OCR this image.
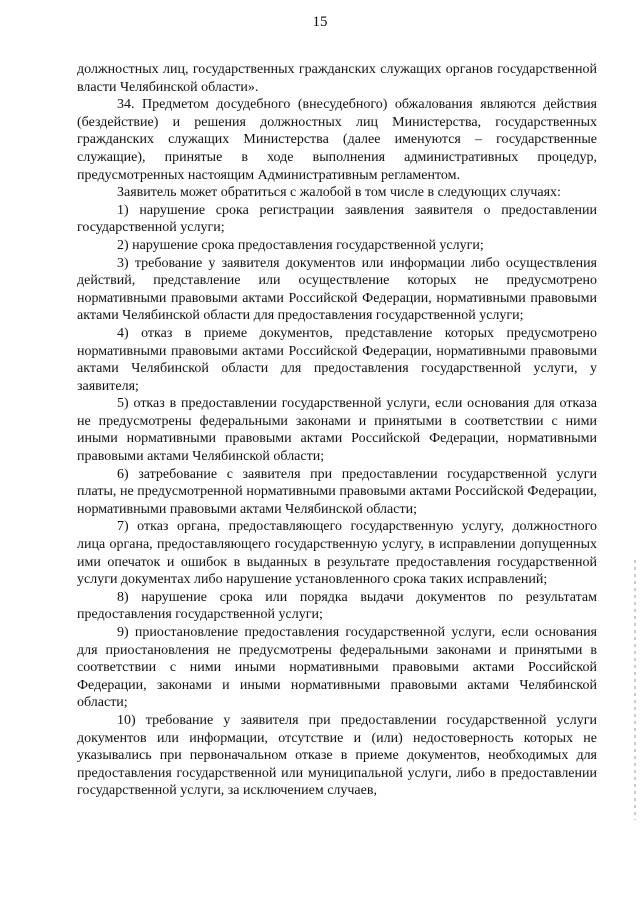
15

должностных лиц, государственных гражданских служащих органов государственной власти Челябинской области».

34. Предметом досудебного (внесудебного) обжалования являются действия (бездействие) и решения должностных лиц Министерства, государственных гражданских служащих Министерства (далее именуются – государственные служащие), принятые в ходе выполнения административных процедур, предусмотренных настоящим Административным регламентом.

Заявитель может обратиться с жалобой в том числе в следующих случаях:

1) нарушение срока регистрации заявления заявителя о предоставлении государственной услуги;

2) нарушение срока предоставления государственной услуги;

3) требование у заявителя документов или информации либо осуществления действий, представление или осуществление которых не предусмотрено нормативными правовыми актами Российской Федерации, нормативными правовыми актами Челябинской области для предоставления государственной услуги;

4) отказ в приеме документов, представление которых предусмотрено нормативными правовыми актами Российской Федерации, нормативными правовыми актами Челябинской области для предоставления государственной услуги, у заявителя;

5) отказ в предоставлении государственной услуги, если основания для отказа не предусмотрены федеральными законами и принятыми в соответствии с ними иными нормативными правовыми актами Российской Федерации, нормативными правовыми актами Челябинской области;

6) затребование с заявителя при предоставлении государственной услуги платы, не предусмотренной нормативными правовыми актами Российской Федерации, нормативными правовыми актами Челябинской области;

7) отказ органа, предоставляющего государственную услугу, должностного лица органа, предоставляющего государственную услугу, в исправлении допущенных ими опечаток и ошибок в выданных в результате предоставления государственной услуги документах либо нарушение установленного срока таких исправлений;

8) нарушение срока или порядка выдачи документов по результатам предоставления государственной услуги;

9) приостановление предоставления государственной услуги, если основания для приостановления не предусмотрены федеральными законами и принятыми в соответствии с ними иными нормативными правовыми актами Российской Федерации, законами и иными нормативными правовыми актами Челябинской области;

10) требование у заявителя при предоставлении государственной услуги документов или информации, отсутствие и (или) недостоверность которых не указывались при первоначальном отказе в приеме документов, необходимых для предоставления государственной или муниципальной услуги, либо в предоставлении государственной услуги, за исключением случаев,
